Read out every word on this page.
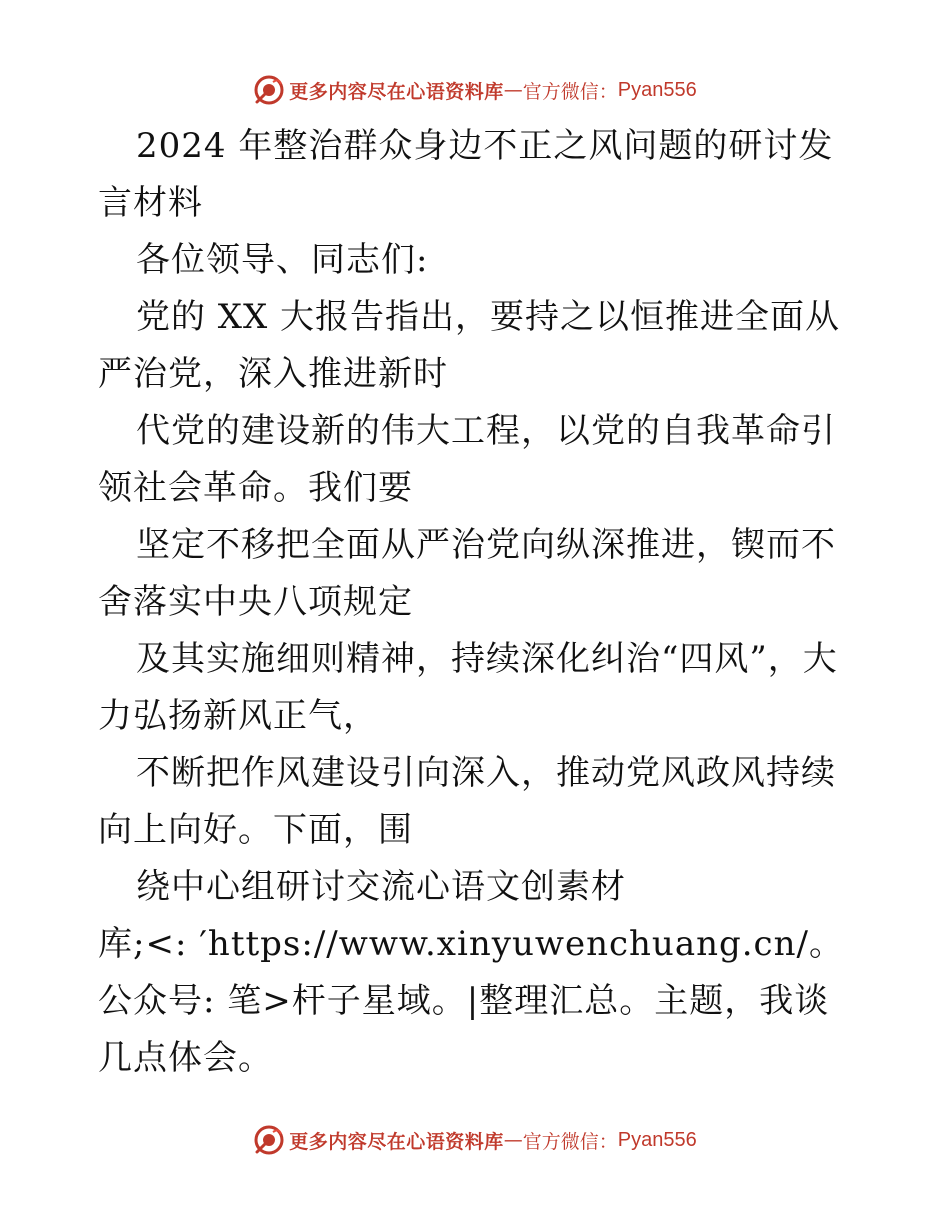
更多内容尽在心语资料库 — 官方微信： Pyan556

2024 年整治群众身边不正之风问题的研讨发言材料

各位领导、同志们:

党的 XX 大报告指出，要持之以恒推进全面从严治党，深入推进新时

代党的建设新的伟大工程，以党的自我革命引领社会革命。我们要

坚定不移把全面从严治党向纵深推进，锲而不舍落实中央八项规定

及其实施细则精神，持续深化纠治“四风”，大力弘扬新风正气，

不断把作风建设引向深入，推动党风政风持续向上向好。下面，围

绕中心组研讨交流心语文创素材

库;<: ′https://www.xinyuwenchuang.cn/。公众号: 笔>杆子星域。|整理汇总。主题，我谈几点体会。

更多内容尽在心语资料库 — 官方微信： Pyan556
